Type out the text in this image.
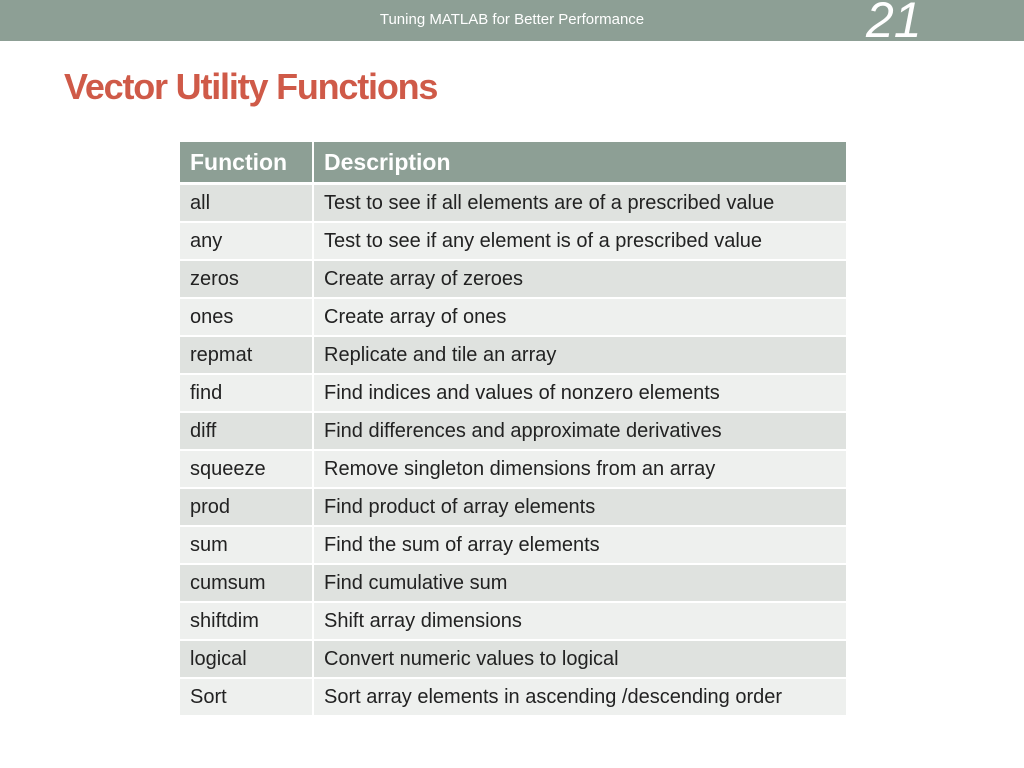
Tuning MATLAB for Better Performance	21
Vector Utility Functions
Function	Description
all	Test to see if all elements are of a prescribed value
any	Test to see if any element is of a prescribed value
zeros	Create array of zeroes
ones	Create array of ones
repmat	Replicate and tile an array
find	Find indices and values of nonzero elements
diff	Find differences and approximate derivatives
squeeze	Remove singleton dimensions from an array
prod	Find product of array elements
sum	Find the sum of array elements
cumsum	Find cumulative sum
shiftdim	Shift array dimensions
logical	Convert numeric values to logical
Sort	Sort array elements in ascending /descending order
